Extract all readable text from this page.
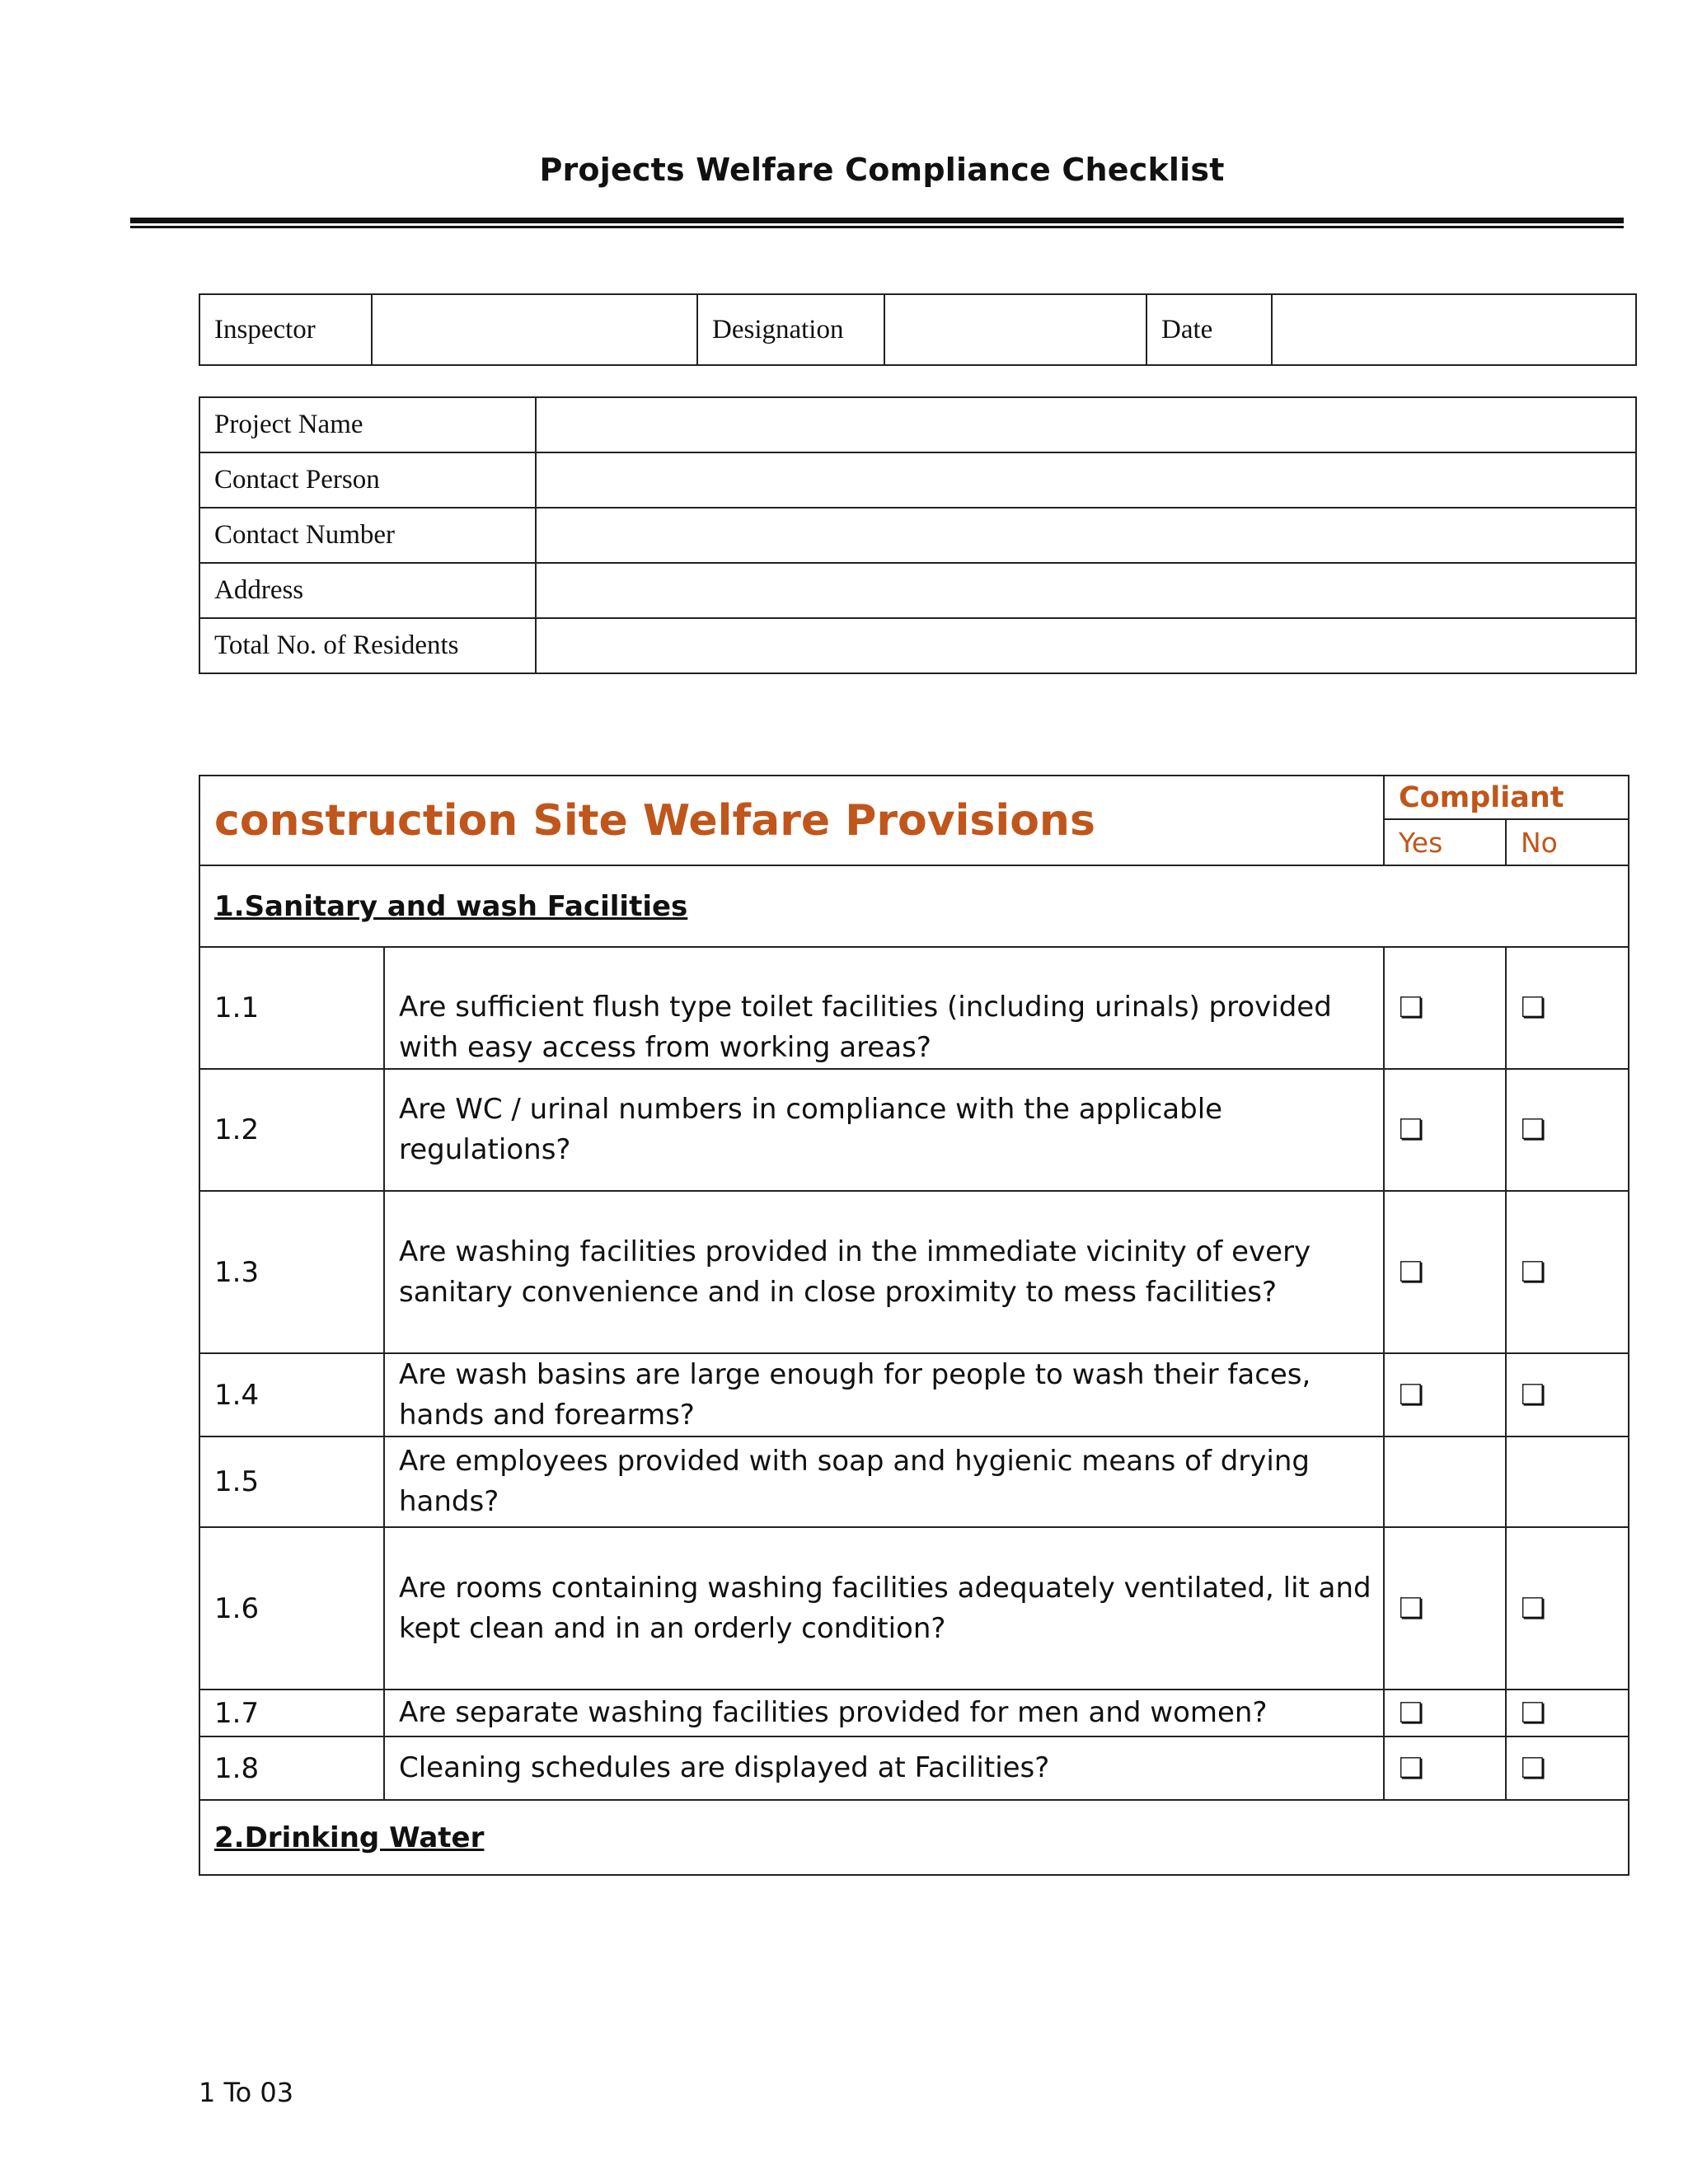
Projects Welfare Compliance Checklist
Inspector		Designation		Date	
Project Name	
Contact Person	
Contact Number	
Address	
Total No. of Residents	
construction Site Welfare Provisions		Compliant	
		Yes	No
1.Sanitary and wash Facilities			
1.1	Are sufficient flush type toilet facilities (including urinals) provided with easy access from working areas?	❏	❏
1.2	Are WC / urinal numbers in compliance with the applicable regulations?	❏	❏
1.3	Are washing facilities provided in the immediate vicinity of every sanitary convenience and in close proximity to mess facilities?	❏	❏
1.4	Are wash basins are large enough for people to wash their faces, hands and forearms?	❏	❏
1.5	Are employees provided with soap and hygienic means of drying hands?		
1.6	Are rooms containing washing facilities adequately ventilated, lit and kept clean and in an orderly condition?	❏	❏
1.7	Are separate washing facilities provided for men and women?	❏	❏
1.8	Cleaning schedules are displayed at Facilities?	❏	❏
2.Drinking Water			
1 To 03
